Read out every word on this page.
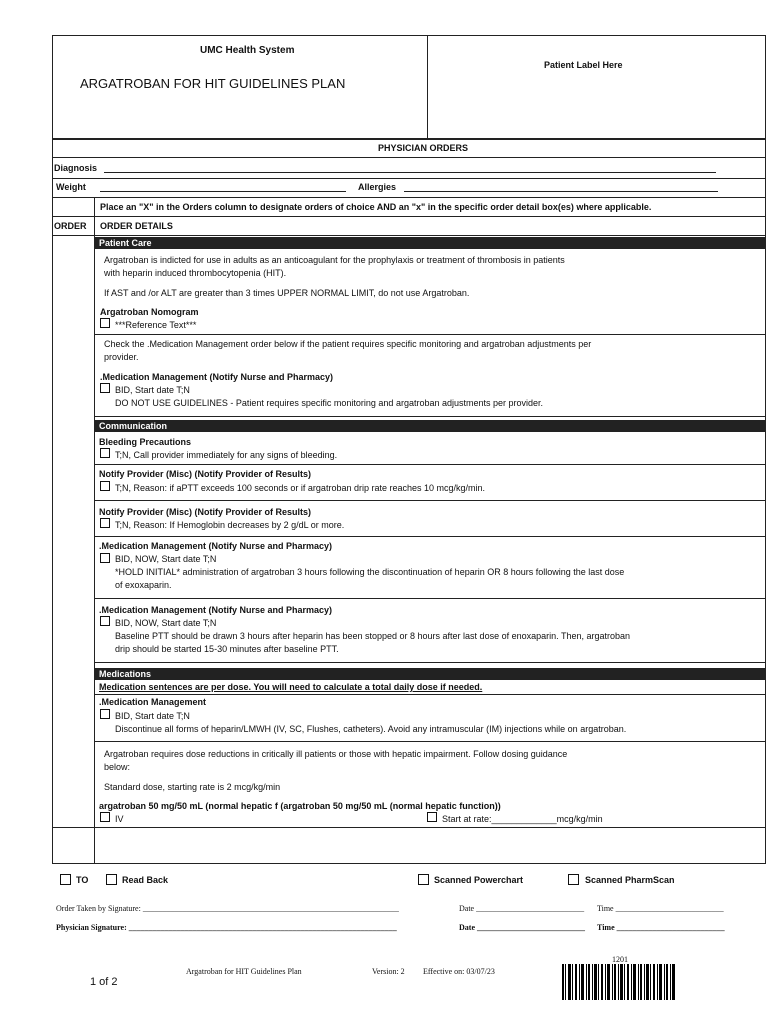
UMC Health System
ARGATROBAN FOR HIT GUIDELINES PLAN
Patient Label Here
PHYSICIAN ORDERS
Diagnosis
Weight	Allergies
Place an "X" in the Orders column to designate orders of choice AND an "x" in the specific order detail box(es) where applicable.
ORDER ORDER DETAILS
Patient Care
Argatroban is indicted for use in adults as an anticoagulant for the prophylaxis or treatment of thrombosis in patients
with heparin induced thrombocytopenia (HIT).
If AST and /or ALT are greater than 3 times UPPER NORMAL LIMIT, do not use Argatroban.
Argatroban Nomogram
***Reference Text***
Check the .Medication Management order below if the patient requires specific monitoring and argatroban adjustments per
provider.
.Medication Management (Notify Nurse and Pharmacy)
BID, Start date T;N
DO NOT USE GUIDELINES - Patient requires specific monitoring and argatroban adjustments per provider.
Communication
Bleeding Precautions
T;N, Call provider immediately for any signs of bleeding.
Notify Provider (Misc) (Notify Provider of Results)
T;N, Reason: if aPTT exceeds 100 seconds or if argatroban drip rate reaches 10 mcg/kg/min.
Notify Provider (Misc) (Notify Provider of Results)
T;N, Reason: If Hemoglobin decreases by 2 g/dL or more.
.Medication Management (Notify Nurse and Pharmacy)
BID, NOW, Start date T;N
*HOLD INITIAL* administration of argatroban 3 hours following the discontinuation of heparin OR 8 hours following the last dose
of exoxaparin.
.Medication Management (Notify Nurse and Pharmacy)
BID, NOW, Start date T;N
Baseline PTT should be drawn 3 hours after heparin has been stopped or 8 hours after last dose of enoxaparin. Then, argatroban
drip should be started 15-30 minutes after baseline PTT.
Medications
Medication sentences are per dose. You will need to calculate a total daily dose if needed.
.Medication Management
BID, Start date T;N
Discontinue all forms of heparin/LMWH (IV, SC, Flushes, catheters). Avoid any intramuscular (IM) injections while on argatroban.
Argatroban requires dose reductions in critically ill patients or those with hepatic impairment. Follow dosing guidance
below:
Standard dose, starting rate is 2 mcg/kg/min
argatroban 50 mg/50 mL (normal hepatic f (argatroban 50 mg/50 mL (normal hepatic function))
IV	Start at rate:_____________mcg/kg/min
TO	Read Back	Scanned Powerchart	Scanned PharmScan
Order Taken by Signature: ________________________________________________________________	Date ___________________________ Time ___________________________
Physician Signature: ___________________________________________________________________	Date ___________________________ Time ___________________________
1201
Argatroban for HIT Guidelines Plan	Version: 2 Effective on: 03/07/23
1 of 2
